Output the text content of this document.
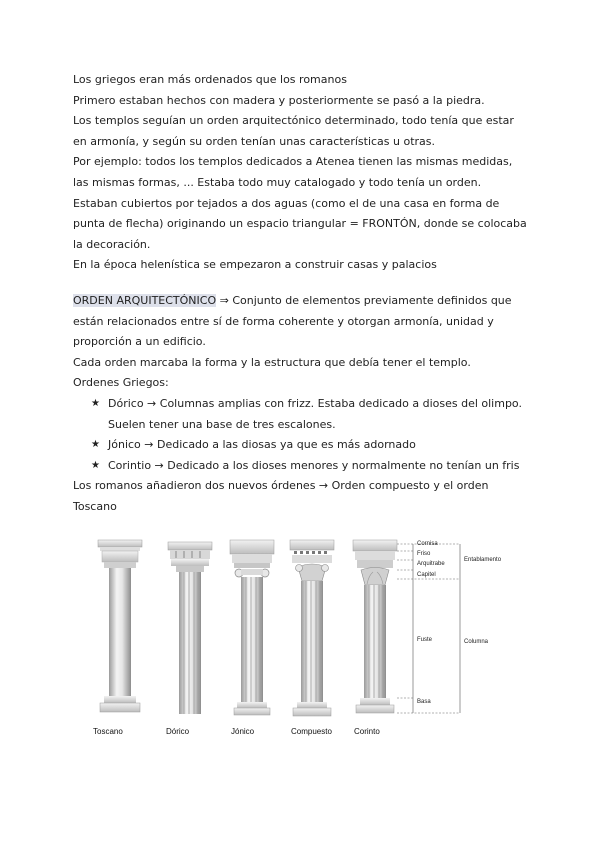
Los griegos eran más ordenados que los romanos
Primero estaban hechos con madera y posteriormente se pasó a la piedra.
Los templos seguían un orden arquitectónico determinado, todo tenía que estar
en armonía, y según su orden tenían unas características u otras.
Por ejemplo: todos los templos dedicados a Atenea tienen las mismas medidas,
las mismas formas, ... Estaba todo muy catalogado y todo tenía un orden.
Estaban cubiertos por tejados a dos aguas (como el de una casa en forma de
punta de flecha) originando un espacio triangular = FRONTÓN, donde se colocaba
la decoración.
En la época helenística se empezaron a construir casas y palacios
ORDEN ARQUITECTÓNICO ⇒ Conjunto de elementos previamente definidos que
están relacionados entre sí de forma coherente y otorgan armonía, unidad y
proporción a un edificio.
Cada orden marcaba la forma y la estructura que debía tener el templo.
Ordenes Griegos:
★ Dórico → Columnas amplias con frizz. Estaba dedicado a dioses del olimpo.
Suelen tener una base de tres escalones.
★ Jónico → Dedicado a las diosas ya que es más adornado
★ Corintio → Dedicado a los dioses menores y normalmente no tenían un fris
Los romanos añadieron dos nuevos órdenes → Orden compuesto y el orden
Toscano
Cornisa
Friso
Arquitrabe
Capitel
Fuste
Basa
Entablamento
Columna
Toscano	Dórico	Jónico	Compuesto	Corinto
